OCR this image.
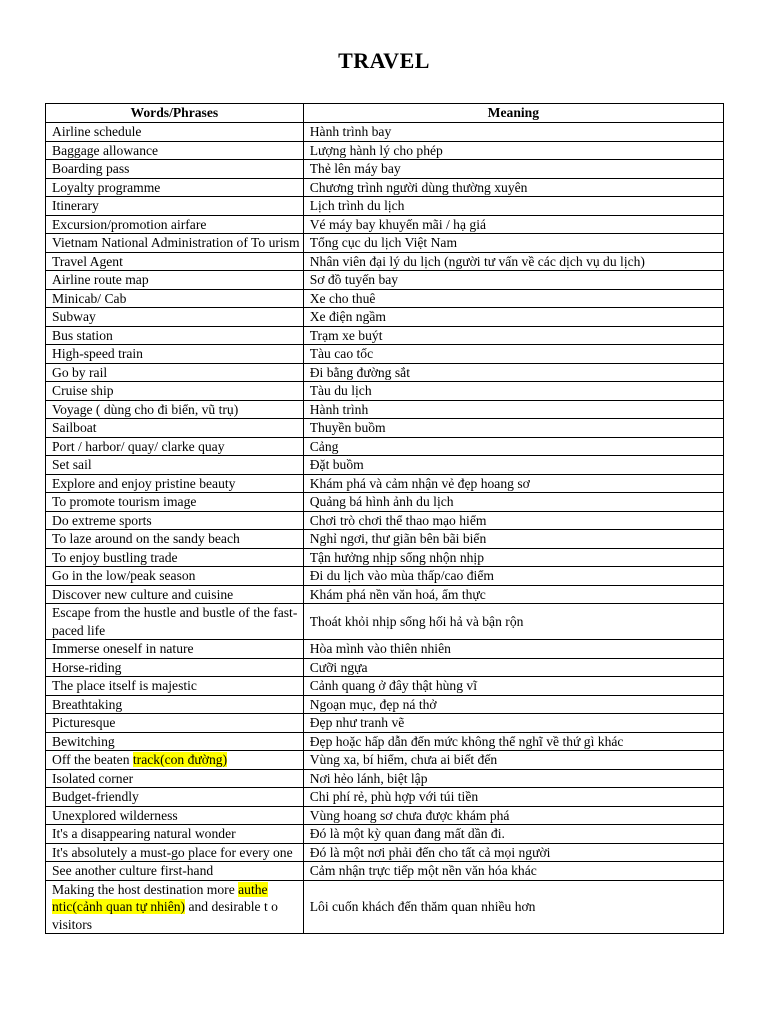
TRAVEL
Words/Phrases	Meaning
Airline schedule	Hành trình bay
Baggage allowance	Lượng hành lý cho phép
Boarding pass	Thẻ lên máy bay
Loyalty programme	Chương trình người dùng thường xuyên
Itinerary	Lịch trình du lịch
Excursion/promotion airfare	Vé máy bay khuyến mãi / hạ giá
Vietnam National Administration of To urism	Tổng cục du lịch Việt Nam
Travel Agent	Nhân viên đại lý du lịch (người tư vấn về các dịch vụ du lịch)
Airline route map	Sơ đồ tuyến bay
Minicab/ Cab	Xe cho thuê
Subway	Xe điện ngầm
Bus station	Trạm xe buýt
High-speed train	Tàu cao tốc
Go by rail	Đi bằng đường sắt
Cruise ship	Tàu du lịch
Voyage ( dùng cho đi biển, vũ trụ)	Hành trình
Sailboat	Thuyền buồm
Port / harbor/ quay/ clarke quay	Cảng
Set sail	Đặt buồm
Explore and enjoy pristine beauty	Khám phá và cảm nhận vẻ đẹp hoang sơ
To promote tourism image	Quảng bá hình ảnh du lịch
Do extreme sports	Chơi trò chơi thể thao mạo hiểm
To laze around on the sandy beach	Nghỉ ngơi, thư giãn bên bãi biển
To enjoy bustling trade	Tận hưởng nhịp sống nhộn nhịp
Go in the low/peak season	Đi du lịch vào mùa thấp/cao điểm
Discover new culture and cuisine	Khám phá nền văn hoá, ẩm thực
Escape from the hustle and bustle of the fast-paced life	Thoát khỏi nhịp sống hối hả và bận rộn
Immerse oneself in nature	Hòa mình vào thiên nhiên
Horse-riding	Cưỡi ngựa
The place itself is majestic	Cảnh quang ở đây thật hùng vĩ
Breathtaking	Ngoạn mục, đẹp ná thở
Picturesque	Đẹp như tranh vẽ
Bewitching	Đẹp hoặc hấp dẫn đến mức không thể nghĩ về thứ gì khác
Off the beaten track(con đường)	Vùng xa, bí hiểm, chưa ai biết đến
Isolated corner	Nơi hẻo lánh, biệt lập
Budget-friendly	Chi phí rẻ, phù hợp với túi tiền
Unexplored wilderness	Vùng hoang sơ chưa được khám phá
It's a disappearing natural wonder	Đó là một kỳ quan đang mất dần đi.
It's absolutely a must-go place for every one	Đó là một nơi phải đến cho tất cả mọi người
See another culture first-hand	Cảm nhận trực tiếp một nền văn hóa khác
Making the host destination more authe ntic(cảnh quan tự nhiên) and desirable t o visitors	Lôi cuốn khách đến thăm quan nhiều hơn
